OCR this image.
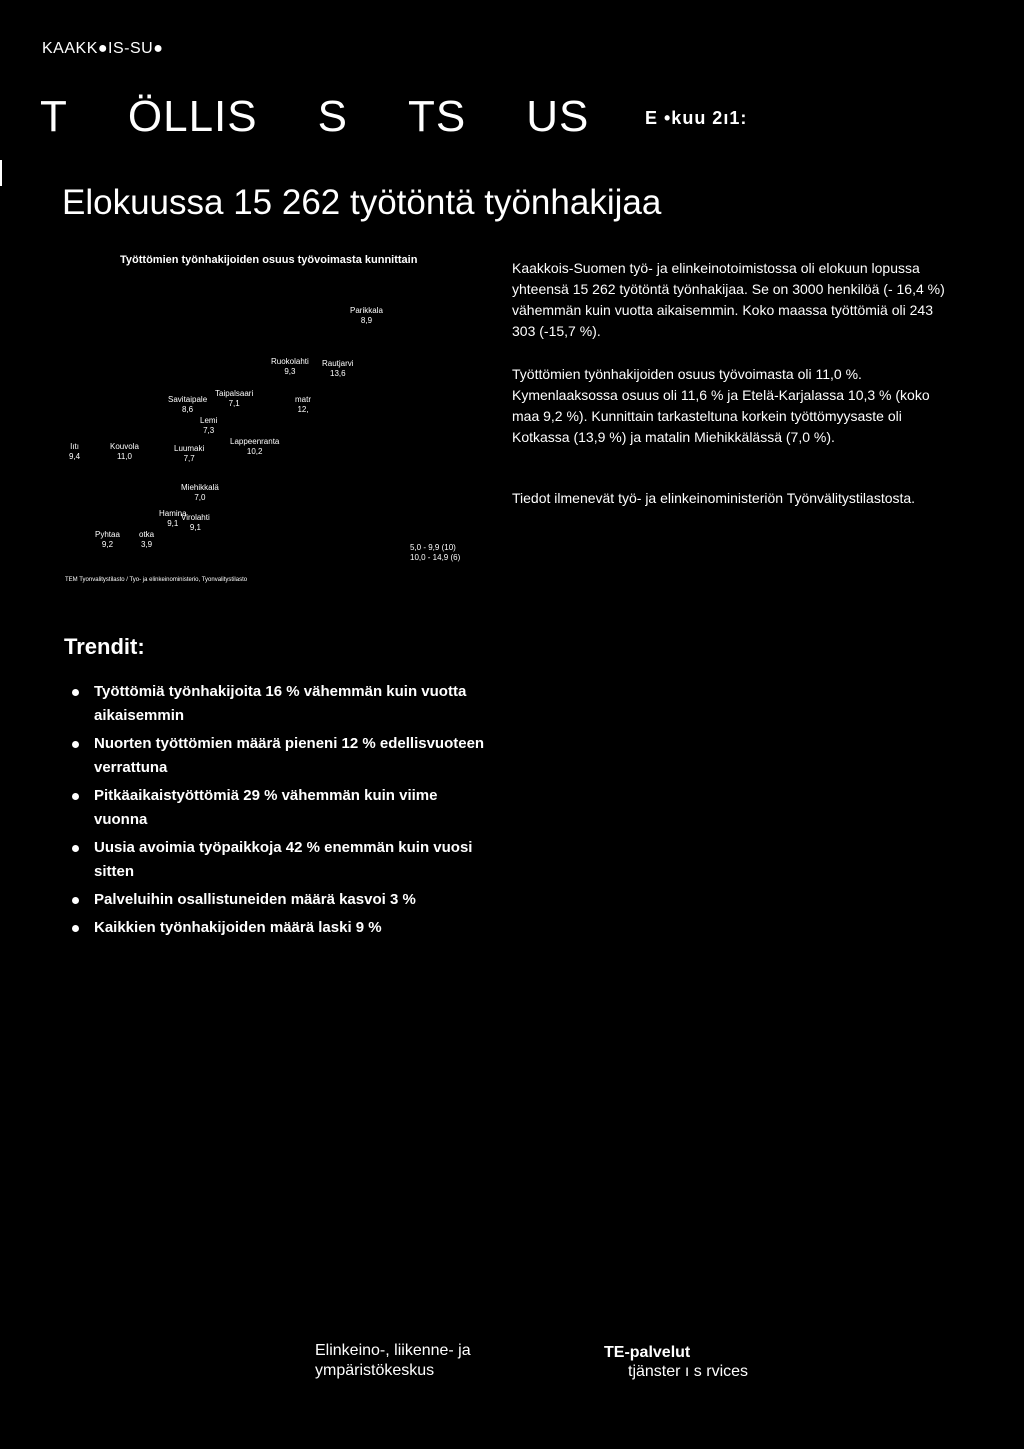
KAAKK●IS-SU●
T ÖLLIS S TS US	E •kuu 2ı1:
Elokuussa 15 262 työtöntä työnhakijaa
Työttömien työnhakijoiden osuus työvoimasta kunnittain
Parikkala
8,9
Ruokolahti
9,3
Rautjarvi
13,6
Taipalsaari
7,1
Savitaipale
8,6
matr
12,
Lemi
7,3
Lappeenranta
10,2
Iıtı
9,4
Kouvola
11,0
Luumaki
7,7
Miehikkalä
7,0
Hamina
9,1
Virolahti
9,1
Pyhtaa
9,2
otka
3,9	5,0 - 9,9 (10)
10,0 - 14,9 (6)
TEM Tyonvalitystilasto / Tyo- ja elinkeinoministerio, Tyonvalitystilasto

Kaakkois-Suomen työ- ja elinkeinotoimistossa oli elokuun lopussa yhteensä 15 262 työtöntä työnhakijaa. Se on 3000 henkilöä (- 16,4 %) vähemmän kuin vuotta aikaisemmin. Koko maassa työttömiä oli 243 303 (-15,7 %).

Työttömien työnhakijoiden osuus työvoimasta oli 11,0 %. Kymenlaaksossa osuus oli 11,6 % ja Etelä-Karjalassa 10,3 % (koko maa 9,2 %). Kunnittain tarkasteltuna korkein työttömyysaste oli Kotkassa (13,9 %) ja matalin Miehikkälässä (7,0 %).

Tiedot ilmenevät työ- ja elinkeinoministeriön Työnvälitystilastosta.

Trendit:
Työttömiä työnhakijoita 16 % vähemmän kuin vuotta aikaisemmin
Nuorten työttömien määrä pieneni 12 % edellisvuoteen verrattuna
Pitkäaikaistyöttömiä 29 % vähemmän kuin viime vuonna
Uusia avoimia työpaikkoja 42 % enemmän kuin vuosi sitten
Palveluihin osallistuneiden määrä kasvoi 3 %
Kaikkien työnhakijoiden määrä laski 9 %
Elinkeino-, liikenne- ja
ympäristökeskus
TE-palvelut
tjänster ı s rvices
